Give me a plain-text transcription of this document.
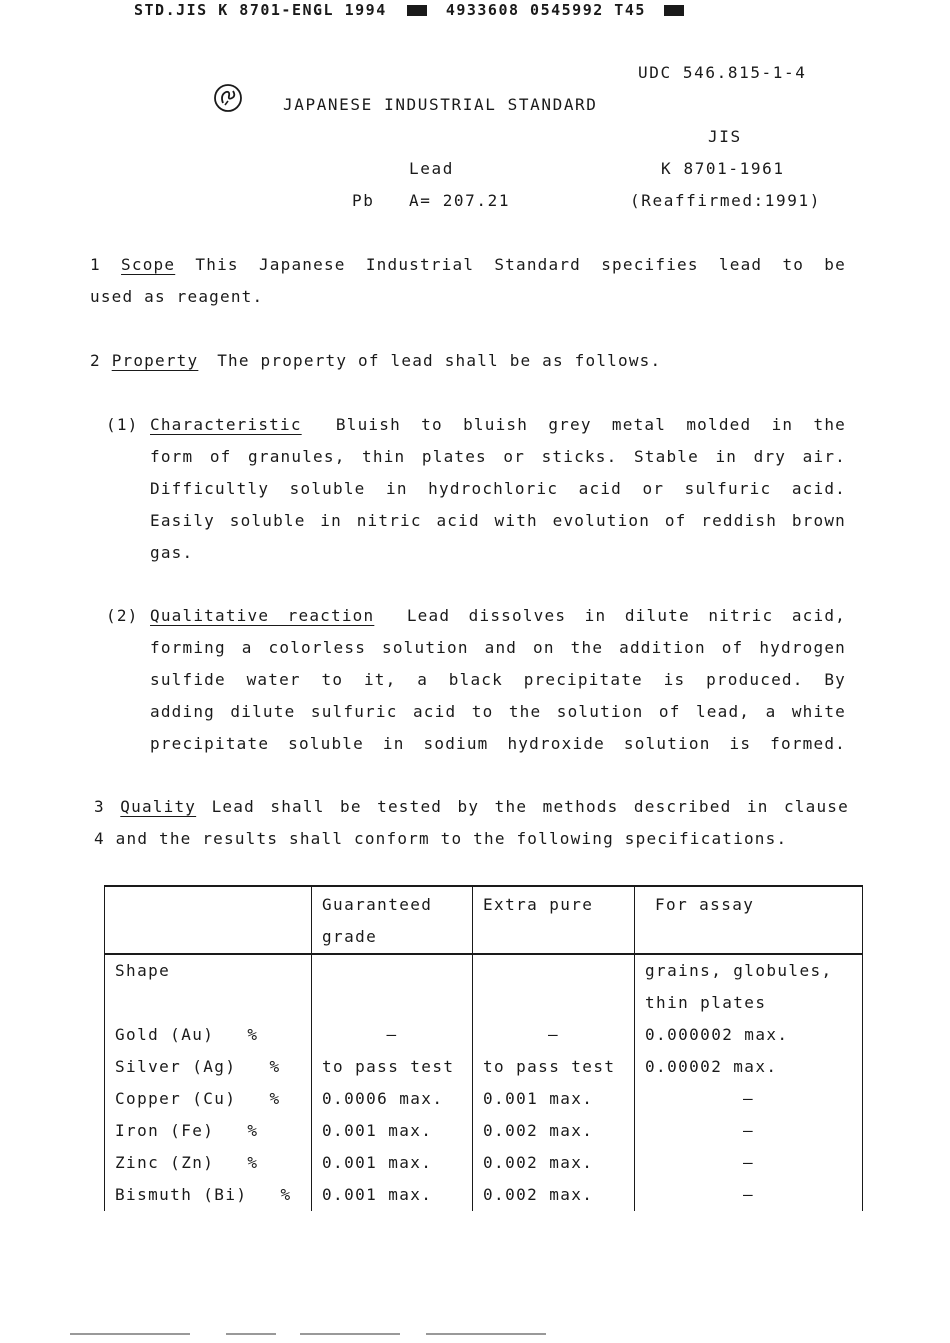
STD.JIS K 8701-ENGL 1994	4933608 0545992 T45
UDC 546.815-1-4
JAPANESE INDUSTRIAL STANDARD
JIS
Lead	K 8701-1961
Pb A= 207.21	(Reaffirmed:1991)
1 Scope This Japanese Industrial Standard specifies lead to be
used as reagent.
2 Property The property of lead shall be as follows.
(1) Characteristic Bluish to bluish grey metal molded in the
form of granules, thin plates or sticks. Stable in dry air.
Difficultly soluble in hydrochloric acid or sulfuric acid.
Easily soluble in nitric acid with evolution of reddish brown
gas.
(2) Qualitative reaction Lead dissolves in dilute nitric acid,
forming a colorless solution and on the addition of hydrogen
sulfide water to it, a black precipitate is produced. By
adding dilute sulfuric acid to the solution of lead, a white
precipitate soluble in sodium hydroxide solution is formed.
3 Quality Lead shall be tested by the methods described in clause
4 and the results shall conform to the following specifications.
	Guaranteed grade	Extra pure	For assay
Shape			grains, globules, thin plates
Gold (Au)   %	–	–	0.000002 max.
Silver (Ag)   %	to pass test	to pass test	0.00002 max.
Copper (Cu)   %	0.0006 max.	0.001 max.	–
Iron (Fe)   %	0.001 max.	0.002 max.	–
Zinc (Zn)   %	0.001 max.	0.002 max.	–
Bismuth (Bi)   %	0.001 max.	0.002 max.	–
